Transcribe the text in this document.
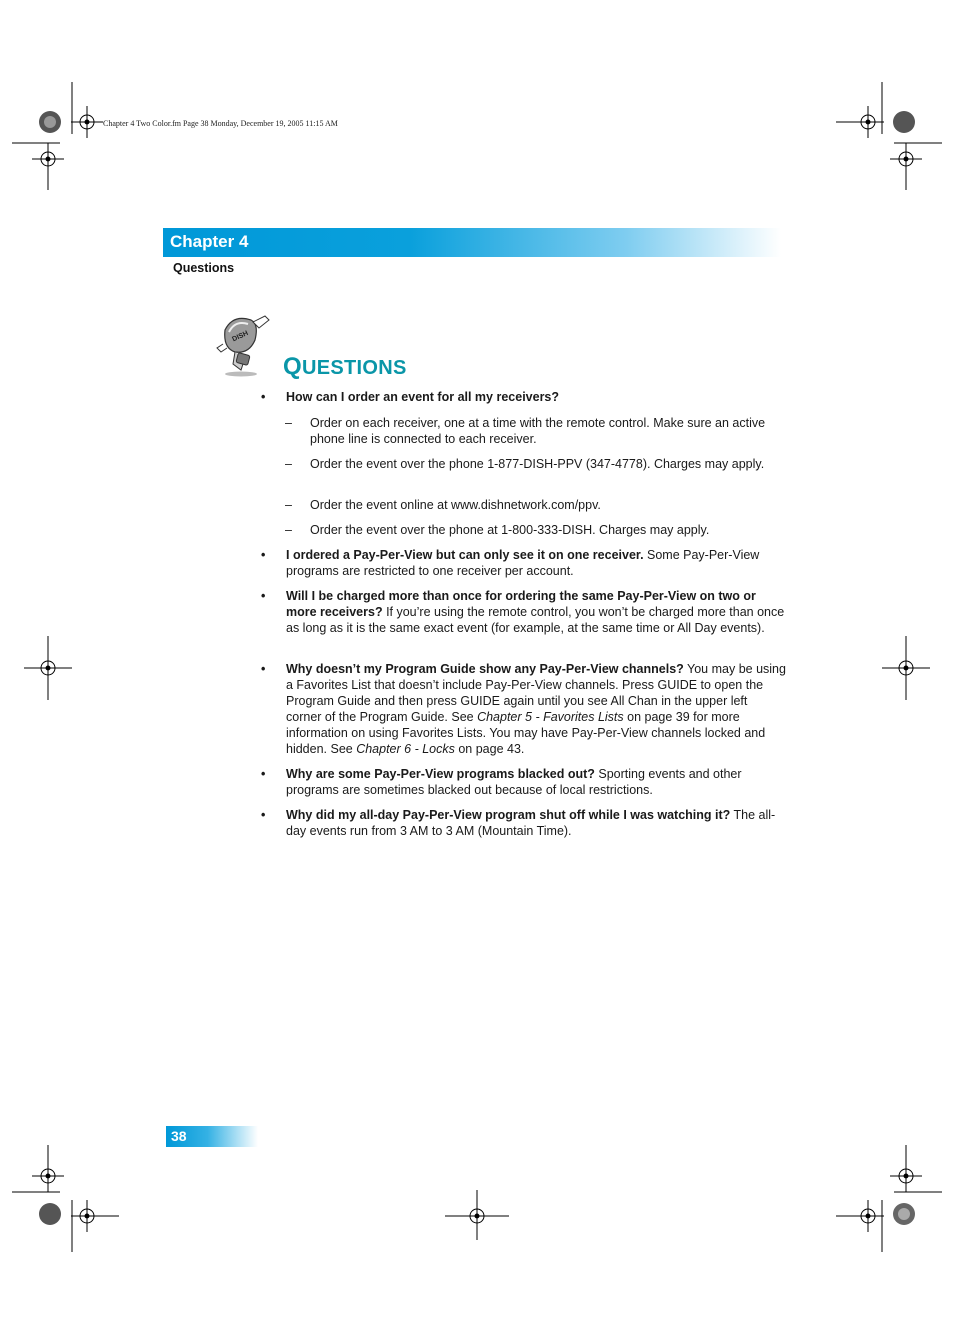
Chapter 4 Two Color.fm Page 38 Monday, December 19, 2005 11:15 AM
Chapter 4
Questions
DISH
QUESTIONS
• How can I order an event for all my receivers?
– Order on each receiver, one at a time with the remote control. Make sure an active phone line is connected to each receiver.
– Order the event over the phone 1-877-DISH-PPV (347-4778). Charges may apply.
– Order the event online at www.dishnetwork.com/ppv.
– Order the event over the phone at 1-800-333-DISH. Charges may apply.
• I ordered a Pay-Per-View but can only see it on one receiver. Some Pay-Per-View programs are restricted to one receiver per account.
• Will I be charged more than once for ordering the same Pay-Per-View on two or more receivers? If you’re using the remote control, you won’t be charged more than once as long as it is the same exact event (for example, at the same time or All Day events).
• Why doesn’t my Program Guide show any Pay-Per-View channels? You may be using a Favorites List that doesn’t include Pay-Per-View channels. Press GUIDE to open the Program Guide and then press GUIDE again until you see All Chan in the upper left corner of the Program Guide. See Chapter 5 - Favorites Lists on page 39 for more information on using Favorites Lists. You may have Pay-Per-View channels locked and hidden. See Chapter 6 - Locks on page 43.
• Why are some Pay-Per-View programs blacked out? Sporting events and other programs are sometimes blacked out because of local restrictions.
• Why did my all-day Pay-Per-View program shut off while I was watching it? The all-day events run from 3 AM to 3 AM (Mountain Time).
38
